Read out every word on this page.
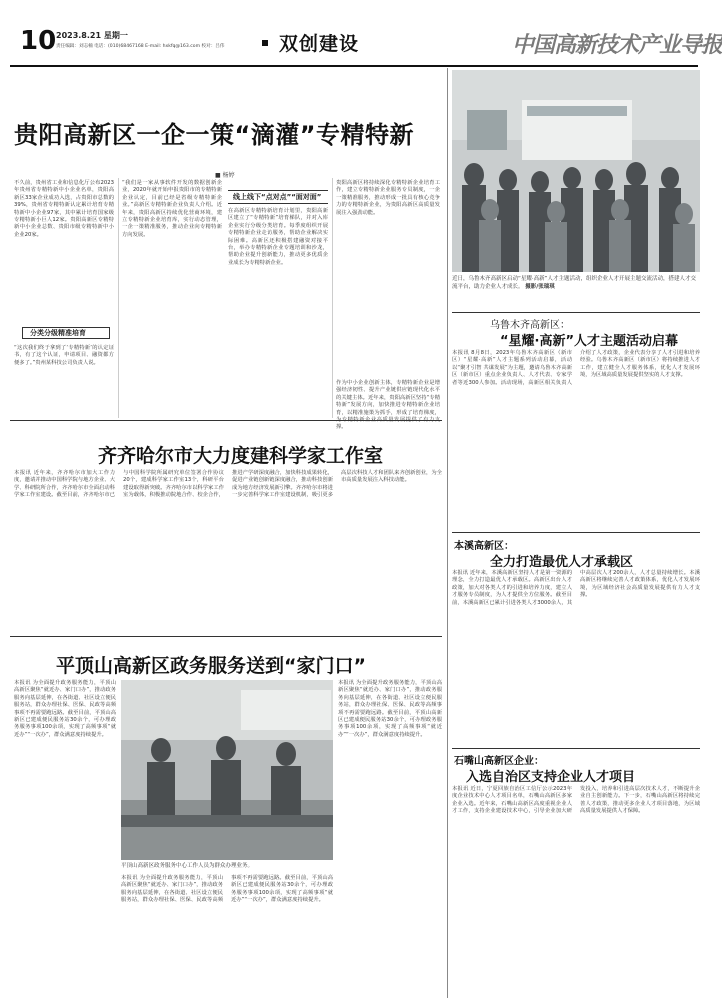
10 2023.8.21 星期一
责任编辑：刘志楠 电话：(010)68467168 E-mail: hxkfq@163.com 校对：吕伟	双创建设	中国高新技术产业导报
贵阳高新区一企一策“滴灌”专精特新
■ 杨婷
不久前，贵州省工业和信息化厅公布2023年贵州省专精特新中小企业名单，贵阳高新区33家企业成功入选，占贵阳市总数的39%，贵州省专精特新认定累计培育专精特新中小企业97家，其中累计培育国家级专精特新小巨人12家。贵阳高新区专精特新中小企业总数、贵阳市级专精特新中小企业20家。
分类分级精准培育
“这次我们终于拿到了‘专精特新’的认定证书，有了这个认证，申请项目、融资都方便多了。”贵州某科技公司负责人说。
“我们是一家从事软件开发的数据创新企业，2020年就开始申报贵阳市的专精特新企业认定，目前已经是省级专精特新企业。”高新区专精特新企业负责人介绍。近年来，贵阳高新区持续优化营商环境，建立专精特新企业培育库，实行动态管理，一企一策精准服务，推动企业向专精特新方向发展。
线上线下“点对点”“面对面”
在高新区专精特新培育计划里，贵阳高新区建立了“专精特新”培育梯队，并对入库企业实行分级分类培育。每季度组织开展专精特新企业走访服务，帮助企业解决实际困难。高新区还积极搭建融资对接平台，举办专精特新企业专题培训和沙龙，帮助企业提升创新能力，推动更多优质企业成长为专精特新企业。
贵阳高新区将持续深化专精特新企业培育工作，建立专精特新企业服务专员制度，一企一策精准服务，推动形成一批具有核心竞争力的专精特新企业，为贵阳高新区高质量发展注入强劲动能。
作为中小企业创新主体，专精特新企业是增强经济韧性、提升产业链供应链现代化水平的关键主体。近年来，贵阳高新区坚持“专精特新”发展方向，加快推进专精特新企业培育，以精准施策为抓手，形成了培育梯度，为专精特新企业高质量发展提供了有力支撑。
近日，乌鲁木齐高新区启动“星耀·高新”人才主题活动，组织企业人才开展主题交流活动，搭建人才交流平台，助力企业人才成长。 摄影/张瑞琪
乌鲁木齐高新区：
“星耀·高新”人才主题活动启幕
本报讯 8月8日，2023年乌鲁木齐高新区（新市区）“星耀·高新”人才主题系列活动启幕，活动以“聚才引智 共谋发展”为主题，邀请乌鲁木齐高新区（新市区）重点企业负责人、人才代表、专家学者等近300人参加。活动现场，高新区相关负责人介绍了人才政策，企业代表分享了人才引进和培养经验。乌鲁木齐高新区（新市区）将持续推进人才工作，建立健全人才服务体系，优化人才发展环境，为区域高质量发展提供坚实的人才支撑。
齐齐哈尔市大力度建科学家工作室
本报讯 近年来，齐齐哈尔市加大工作力度，邀请并推动中国科学院与地方企业、大学、科研院所合作，齐齐哈尔市全面启动科学家工作室建设。截至目前，齐齐哈尔市已与中国科学院所属研究单位签署合作协议20个，建成科学家工作室13个，科研平台建设取得新突破。齐齐哈尔市以科学家工作室为载体，积极推动院地合作、校企合作，推进产学研深度融合，加快科技成果转化，促进产业链创新链深度融合，推动科技创新成为地方经济发展新引擎。齐齐哈尔市将进一步完善科学家工作室建设机制，吸引更多高层次科技人才和团队来齐创新创业，为全市高质量发展注入科技动能。
本溪高新区：
全力打造最优人才承载区
本报讯 近年来，本溪高新区坚持人才是第一资源的理念，全力打造最优人才承载区。高新区出台人才政策，加大对各类人才的引进和培养力度，建立人才服务专员制度，为人才提供全方位服务。截至目前，本溪高新区已累计引进各类人才3000余人，其中高层次人才200余人，人才总量持续增长。本溪高新区将继续完善人才政策体系，优化人才发展环境，为区域经济社会高质量发展提供有力人才支撑。
平顶山高新区政务服务送到“家门口”
本报讯 为全面提升政务服务能力，平顶山高新区聚焦“就近办、家门口办”，推动政务服务向基层延伸，在各街道、社区设立便民服务站，群众办理社保、医保、民政等高频事项不再需要跑远路。截至目前，平顶山高新区已建成便民服务站30余个，可办理政务服务事项100余项，实现了高频事项“就近办”“一次办”，群众满意度持续提升。
平顶山高新区政务服务中心工作人员为群众办理业务。
本报讯 为全面提升政务服务能力，平顶山高新区聚焦“就近办、家门口办”，推动政务服务向基层延伸，在各街道、社区设立便民服务站，群众办理社保、医保、民政等高频事项不再需要跑远路。截至目前，平顶山高新区已建成便民服务站30余个，可办理政务服务事项100余项，实现了高频事项“就近办”“一次办”，群众满意度持续提升。
本报讯 为全面提升政务服务能力，平顶山高新区聚焦“就近办、家门口办”，推动政务服务向基层延伸，在各街道、社区设立便民服务站，群众办理社保、医保、民政等高频事项不再需要跑远路。截至目前，平顶山高新区已建成便民服务站30余个，可办理政务服务事项100余项，实现了高频事项“就近办”“一次办”，群众满意度持续提升。
石嘴山高新区企业：
入选自治区支持企业人才项目
本报讯 近日，宁夏回族自治区工信厅公示2023年度企业技术中心人才项目名单，石嘴山高新区多家企业入选。近年来，石嘴山高新区高度重视企业人才工作，支持企业建设技术中心，引导企业加大研发投入，培养和引进高层次技术人才，不断提升企业自主创新能力。下一步，石嘴山高新区将持续完善人才政策，推动更多企业人才项目落地，为区域高质量发展提供人才保障。
